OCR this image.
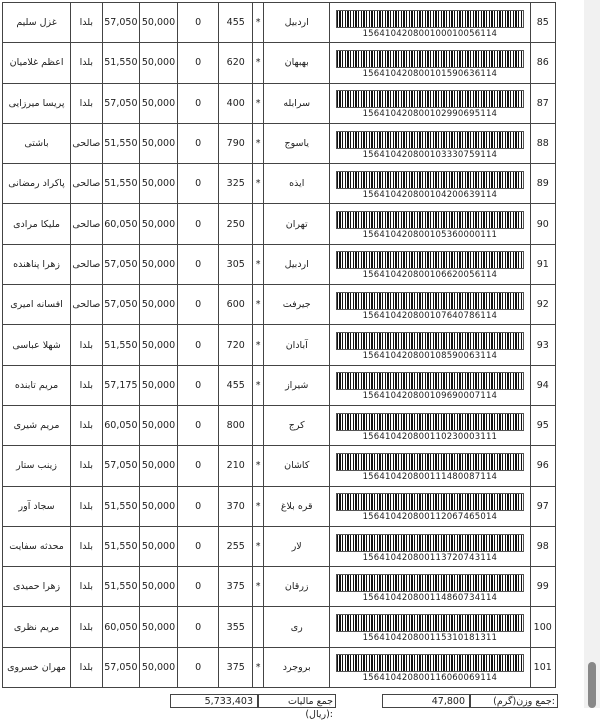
غزل سلیم	بلدا	57,050	50,000	0	455	*	اردبیل	156410420800100010056114	85
اعظم غلامیان	بلدا	51,550	50,000	0	620	*	بهبهان	156410420800101590636114	86
پریسا میرزایی	بلدا	57,050	50,000	0	400	*	سرابله	156410420800102990695114	87
باشتی	صالحی	51,550	50,000	0	790	*	یاسوج	156410420800103330759114	88
پاکراد رمضانی	صالحی	51,550	50,000	0	325	*	ایذه	156410420800104200639114	89
ملیکا مرادی	صالحی	60,050	50,000	0	250		تهران	156410420800105360000111	90
زهرا پناهنده	صالحی	57,050	50,000	0	305	*	اردبیل	156410420800106620056114	91
افسانه امیری	صالحی	57,050	50,000	0	600	*	جیرفت	156410420800107640786114	92
شهلا عباسی	بلدا	51,550	50,000	0	720	*	آبادان	156410420800108590063114	93
مریم تابنده	بلدا	57,175	50,000	0	455	*	شیراز	156410420800109690007114	94
مریم شیری	بلدا	60,050	50,000	0	800		کرج	156410420800110230003111	95
زینب ستار	بلدا	57,050	50,000	0	210	*	کاشان	156410420800111480087114	96
سجاد آور	بلدا	51,550	50,000	0	370	*	قره بلاغ	156410420800112067465014	97
محدثه سفایت	بلدا	51,550	50,000	0	255	*	لار	156410420800113720743114	98
زهرا حمیدی	بلدا	51,550	50,000	0	375	*	زرقان	156410420800114860734114	99
مریم نظری	بلدا	60,050	50,000	0	355		ری	156410420800115310181311	100
مهران خسروی	بلدا	57,050	50,000	0	375	*	بروجرد	156410420800116060069114	101
5,733,403	جمع مالیات (ریال):
47,800	جمع وزن(گرم):
